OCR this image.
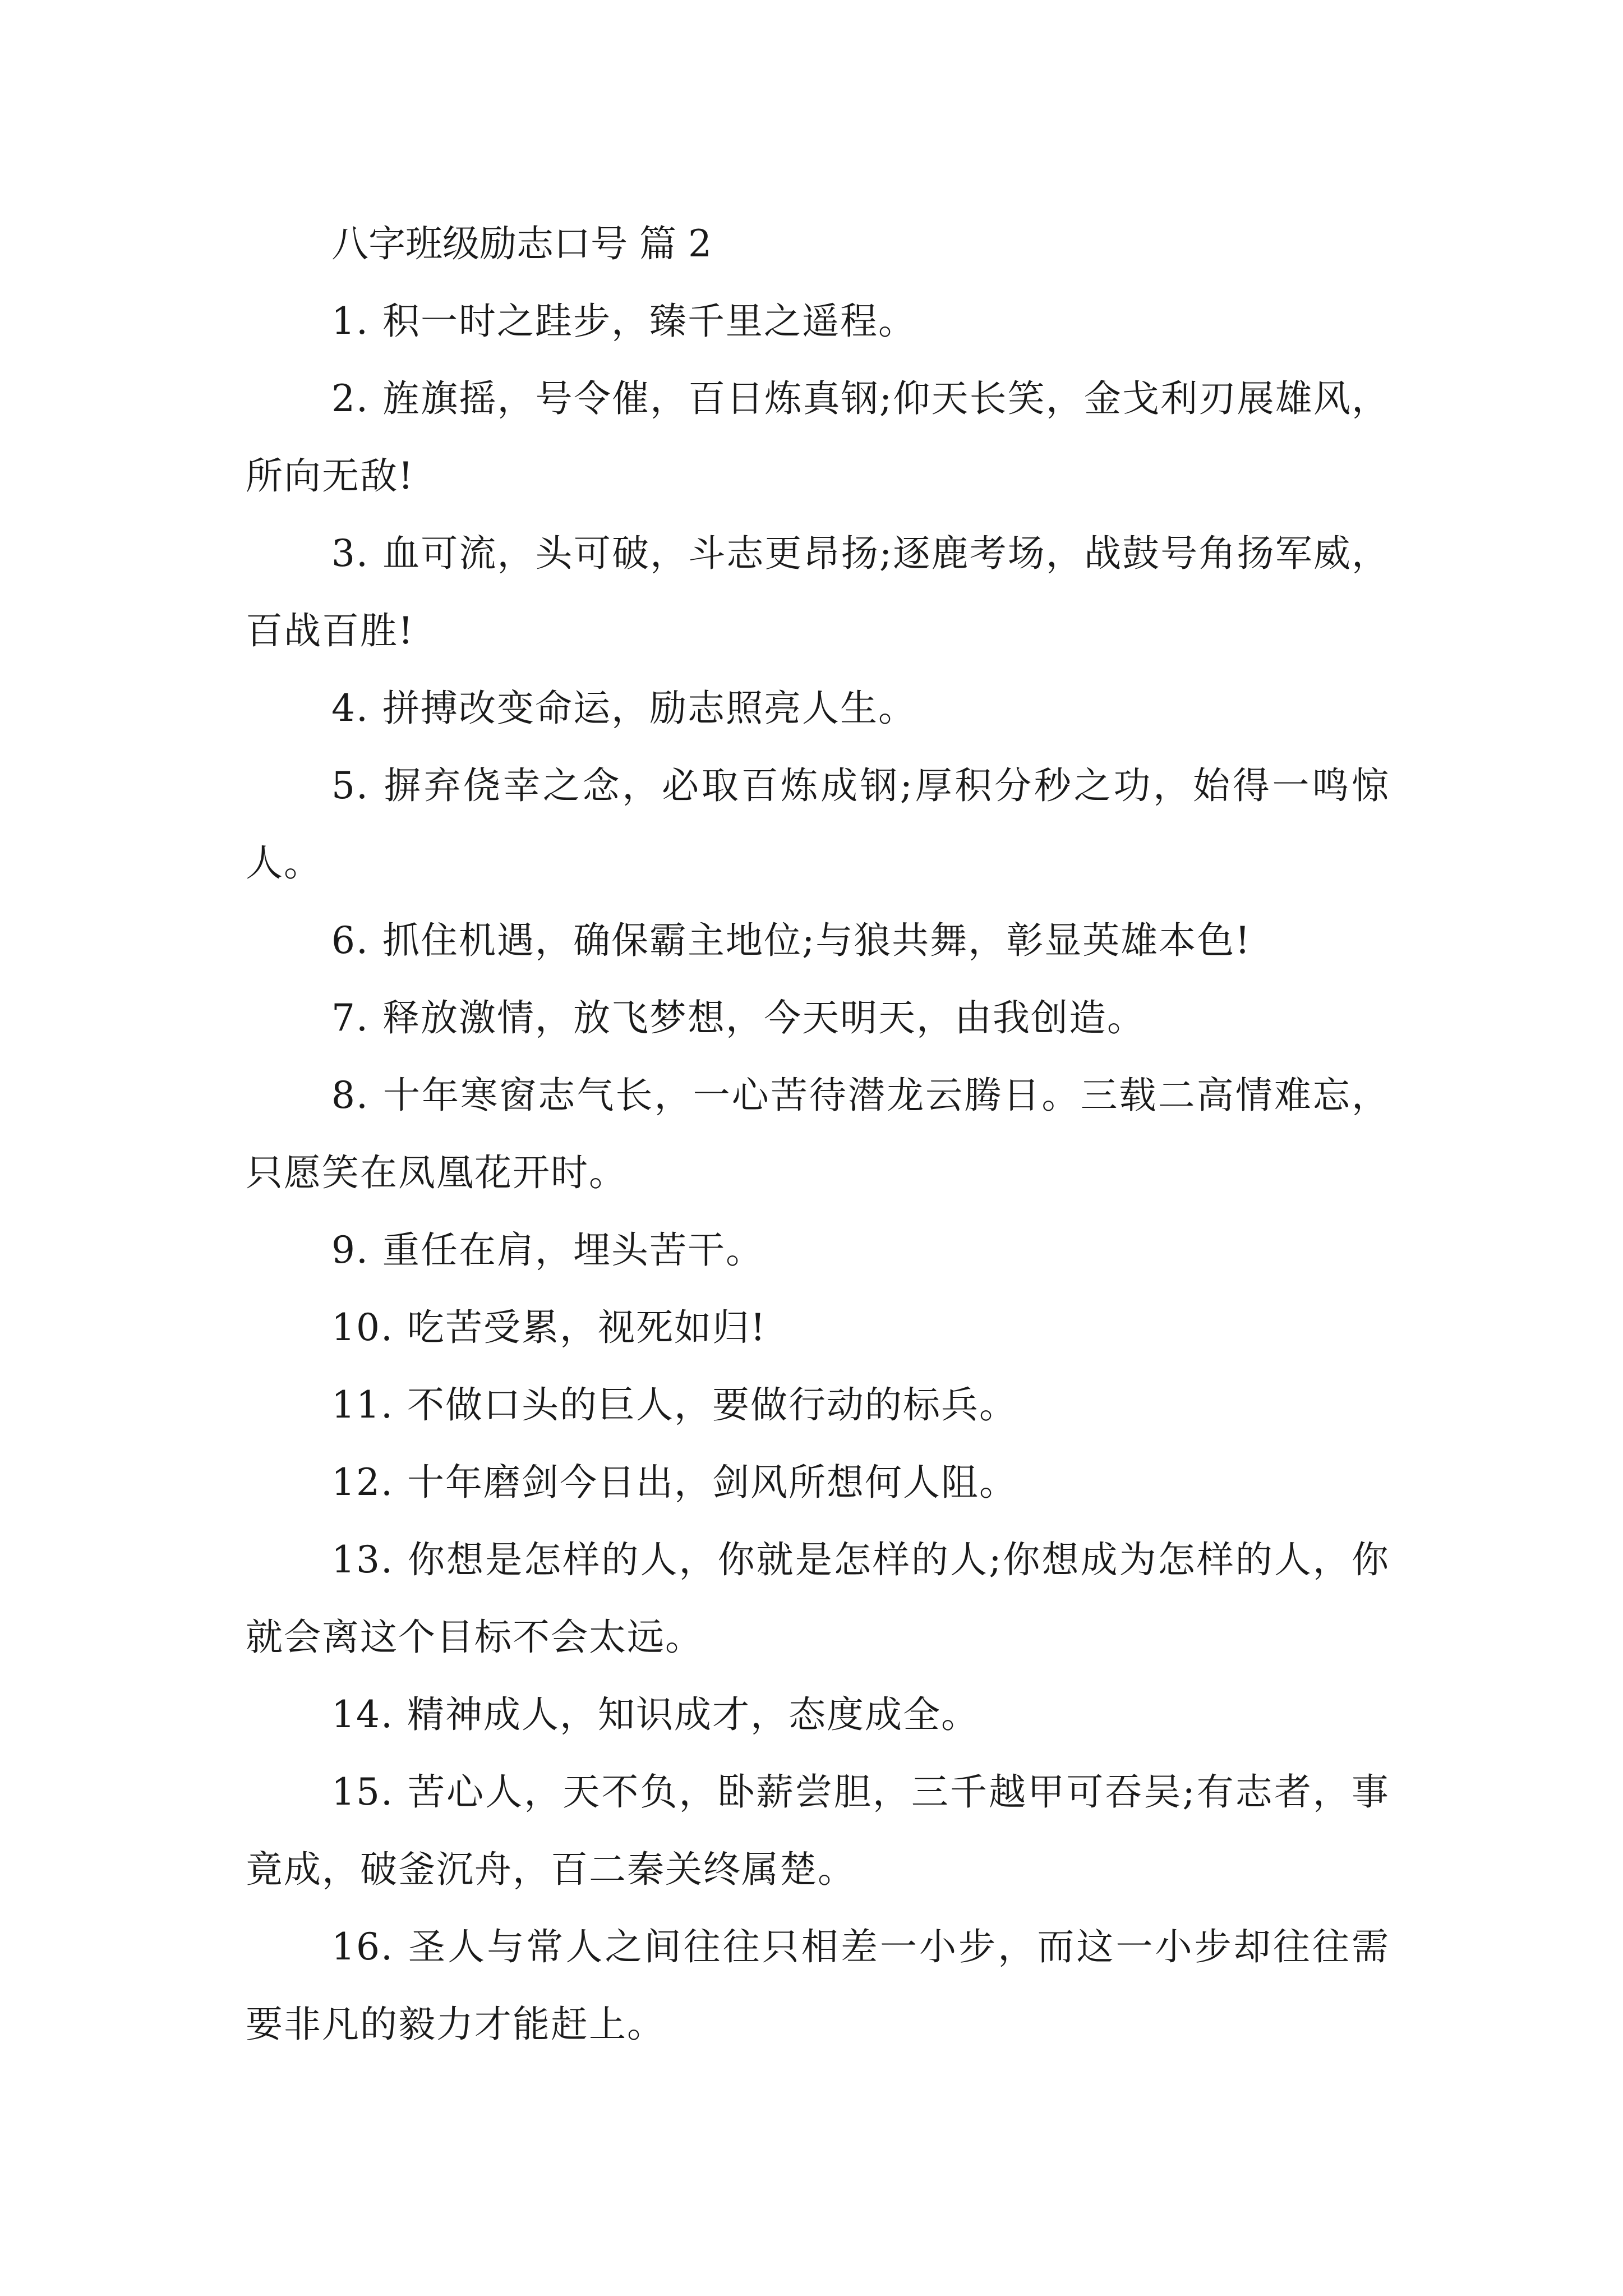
八字班级励志口号 篇 2

1. 积一时之跬步，臻千里之遥程。

2. 旌旗摇，号令催，百日炼真钢;仰天长笑，金戈利刃展雄风，所向无敌!

3. 血可流，头可破，斗志更昂扬;逐鹿考场，战鼓号角扬军威，百战百胜!

4. 拼搏改变命运，励志照亮人生。

5. 摒弃侥幸之念，必取百炼成钢;厚积分秒之功，始得一鸣惊人。

6. 抓住机遇，确保霸主地位;与狼共舞，彰显英雄本色!

7. 释放激情，放飞梦想，今天明天，由我创造。

8. 十年寒窗志气长，一心苦待潜龙云腾日。三载二高情难忘，只愿笑在凤凰花开时。

9. 重任在肩，埋头苦干。

10. 吃苦受累，视死如归!

11. 不做口头的巨人，要做行动的标兵。

12. 十年磨剑今日出，剑风所想何人阻。

13. 你想是怎样的人，你就是怎样的人;你想成为怎样的人，你就会离这个目标不会太远。

14. 精神成人，知识成才，态度成全。

15. 苦心人，天不负，卧薪尝胆，三千越甲可吞吴;有志者，事竟成，破釜沉舟，百二秦关终属楚。

16. 圣人与常人之间往往只相差一小步，而这一小步却往往需要非凡的毅力才能赶上。
